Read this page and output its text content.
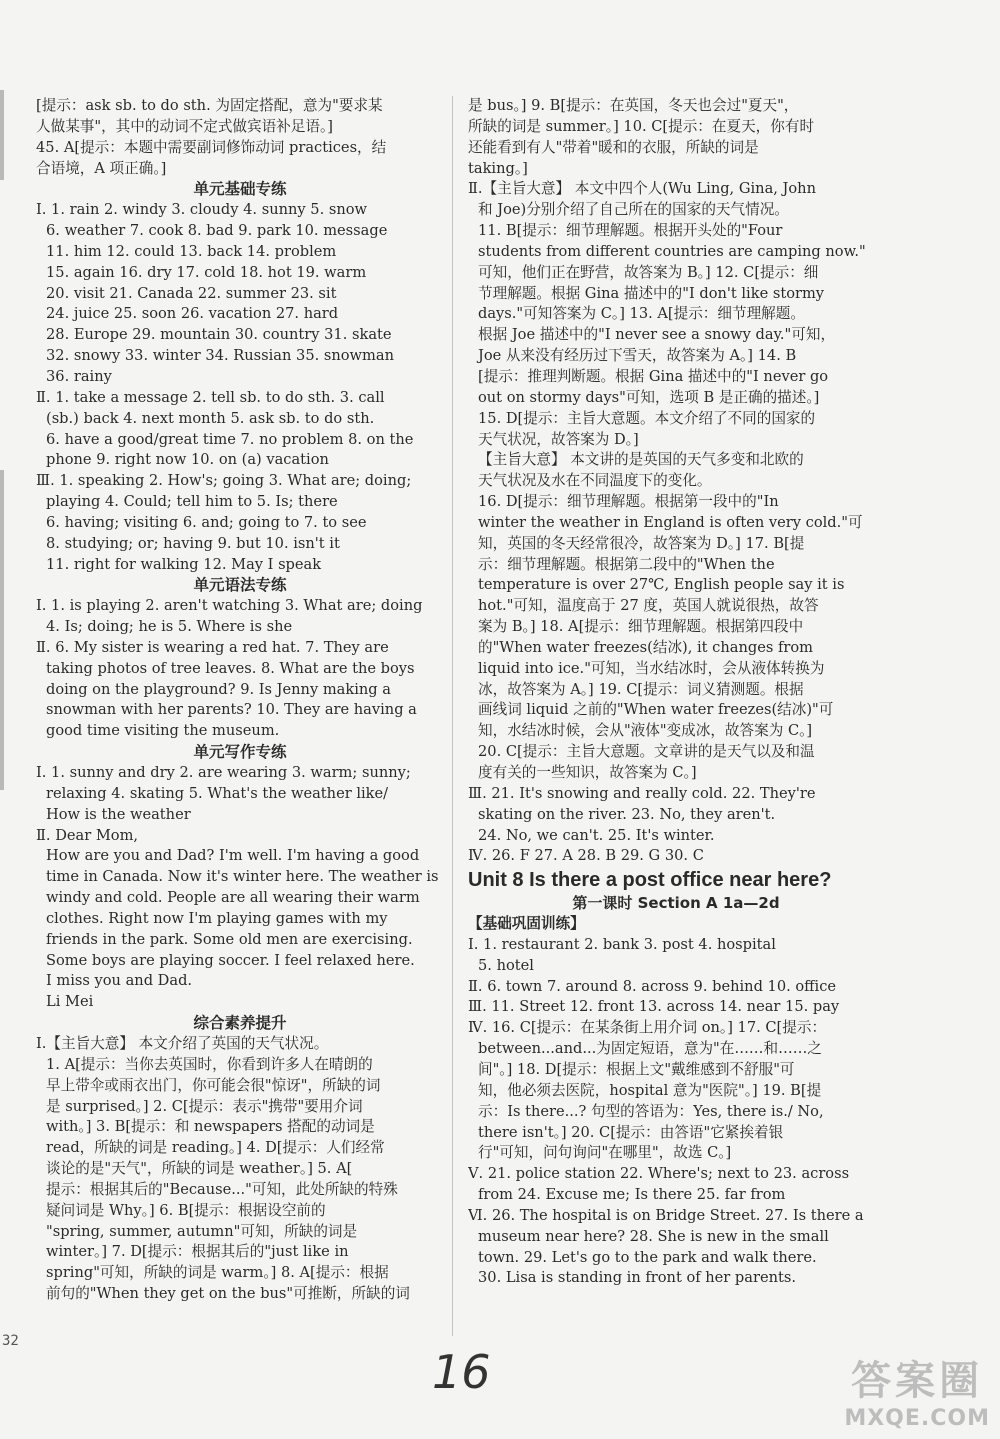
[提示：ask sb. to do sth. 为固定搭配，意为"要求某
人做某事"，其中的动词不定式做宾语补足语。]
45. A[提示：本题中需要副词修饰动词 practices，结
合语境，A 项正确。]
单元基础专练
Ⅰ. 1. rain 2. windy 3. cloudy 4. sunny 5. snow
6. weather 7. cook 8. bad 9. park 10. message
11. him 12. could 13. back 14. problem
15. again 16. dry 17. cold 18. hot 19. warm
20. visit 21. Canada 22. summer 23. sit
24. juice 25. soon 26. vacation 27. hard
28. Europe 29. mountain 30. country 31. skate
32. snowy 33. winter 34. Russian 35. snowman
36. rainy
Ⅱ. 1. take a message 2. tell sb. to do sth. 3. call
(sb.) back 4. next month 5. ask sb. to do sth.
6. have a good/great time 7. no problem 8. on the
phone 9. right now 10. on (a) vacation
Ⅲ. 1. speaking 2. How's; going 3. What are; doing;
playing 4. Could; tell him to 5. Is; there
6. having; visiting 6. and; going to 7. to see
8. studying; or; having 9. but 10. isn't it
11. right for walking 12. May I speak
单元语法专练
Ⅰ. 1. is playing 2. aren't watching 3. What are; doing
4. Is; doing; he is 5. Where is she
Ⅱ. 6. My sister is wearing a red hat. 7. They are
taking photos of tree leaves. 8. What are the boys
doing on the playground? 9. Is Jenny making a
snowman with her parents? 10. They are having a
good time visiting the museum.
单元写作专练
Ⅰ. 1. sunny and dry 2. are wearing 3. warm; sunny;
relaxing 4. skating 5. What's the weather like/
How is the weather
Ⅱ. Dear Mom,
How are you and Dad? I'm well. I'm having a good
time in Canada. Now it's winter here. The weather is
windy and cold. People are all wearing their warm
clothes. Right now I'm playing games with my
friends in the park. Some old men are exercising.
Some boys are playing soccer. I feel relaxed here.
I miss you and Dad.
Li Mei
综合素养提升
Ⅰ.【主旨大意】 本文介绍了英国的天气状况。
1. A[提示：当你去英国时，你看到许多人在晴朗的
早上带伞或雨衣出门，你可能会很"惊讶"，所缺的词
是 surprised。] 2. C[提示：表示"携带"要用介词
with。] 3. B[提示：和 newspapers 搭配的动词是
read，所缺的词是 reading。] 4. D[提示：人们经常
谈论的是"天气"，所缺的词是 weather。] 5. A[
提示：根据其后的"Because..."可知，此处所缺的特殊
疑问词是 Why。] 6. B[提示：根据设空前的
"spring, summer, autumn"可知，所缺的词是
winter。] 7. D[提示：根据其后的"just like in
spring"可知，所缺的词是 warm。] 8. A[提示：根据
前句的"When they get on the bus"可推断，所缺的词
是 bus。] 9. B[提示：在英国，冬天也会过"夏天"，
所缺的词是 summer。] 10. C[提示：在夏天，你有时
还能看到有人"带着"暖和的衣服，所缺的词是
taking。]
Ⅱ.【主旨大意】 本文中四个人(Wu Ling, Gina, John
和 Joe)分别介绍了自己所在的国家的天气情况。
11. B[提示：细节理解题。根据开头处的"Four
students from different countries are camping now."
可知，他们正在野营，故答案为 B。] 12. C[提示：细
节理解题。根据 Gina 描述中的"I don't like stormy
days."可知答案为 C。] 13. A[提示：细节理解题。
根据 Joe 描述中的"I never see a snowy day."可知，
Joe 从来没有经历过下雪天，故答案为 A。] 14. B
[提示：推理判断题。根据 Gina 描述中的"I never go
out on stormy days"可知，选项 B 是正确的描述。]
15. D[提示：主旨大意题。本文介绍了不同的国家的
天气状况，故答案为 D。]
【主旨大意】 本文讲的是英国的天气多变和北欧的
天气状况及水在不同温度下的变化。
16. D[提示：细节理解题。根据第一段中的"In
winter the weather in England is often very cold."可
知，英国的冬天经常很冷，故答案为 D。] 17. B[提
示：细节理解题。根据第二段中的"When the
temperature is over 27℃, English people say it is
hot."可知，温度高于 27 度，英国人就说很热，故答
案为 B。] 18. A[提示：细节理解题。根据第四段中
的"When water freezes(结冰), it changes from
liquid into ice."可知，当水结冰时，会从液体转换为
冰，故答案为 A。] 19. C[提示：词义猜测题。根据
画线词 liquid 之前的"When water freezes(结冰)"可
知，水结冰时候，会从"液体"变成冰，故答案为 C。]
20. C[提示：主旨大意题。文章讲的是天气以及和温
度有关的一些知识，故答案为 C。]
Ⅲ. 21. It's snowing and really cold. 22. They're
skating on the river. 23. No, they aren't.
24. No, we can't. 25. It's winter.
Ⅳ. 26. F 27. A 28. B 29. G 30. C
Unit 8 Is there a post office near here?
第一课时 Section A 1a—2d
【基础巩固训练】
Ⅰ. 1. restaurant 2. bank 3. post 4. hospital
5. hotel
Ⅱ. 6. town 7. around 8. across 9. behind 10. office
Ⅲ. 11. Street 12. front 13. across 14. near 15. pay
Ⅳ. 16. C[提示：在某条街上用介词 on。] 17. C[提示：
between...and...为固定短语，意为"在……和……之
间"。] 18. D[提示：根据上文"戴维感到不舒服"可
知，他必须去医院，hospital 意为"医院"。] 19. B[提
示：Is there...? 句型的答语为：Yes, there is./ No,
there isn't。] 20. C[提示：由答语"它紧挨着银
行"可知，问句询问"在哪里"，故选 C。]
Ⅴ. 21. police station 22. Where's; next to 23. across
from 24. Excuse me; Is there 25. far from
Ⅵ. 26. The hospital is on Bridge Street. 27. Is there a
museum near here? 28. She is new in the small
town. 29. Let's go to the park and walk there.
30. Lisa is standing in front of her parents.
32
16	答案圈
MXQE.COM
